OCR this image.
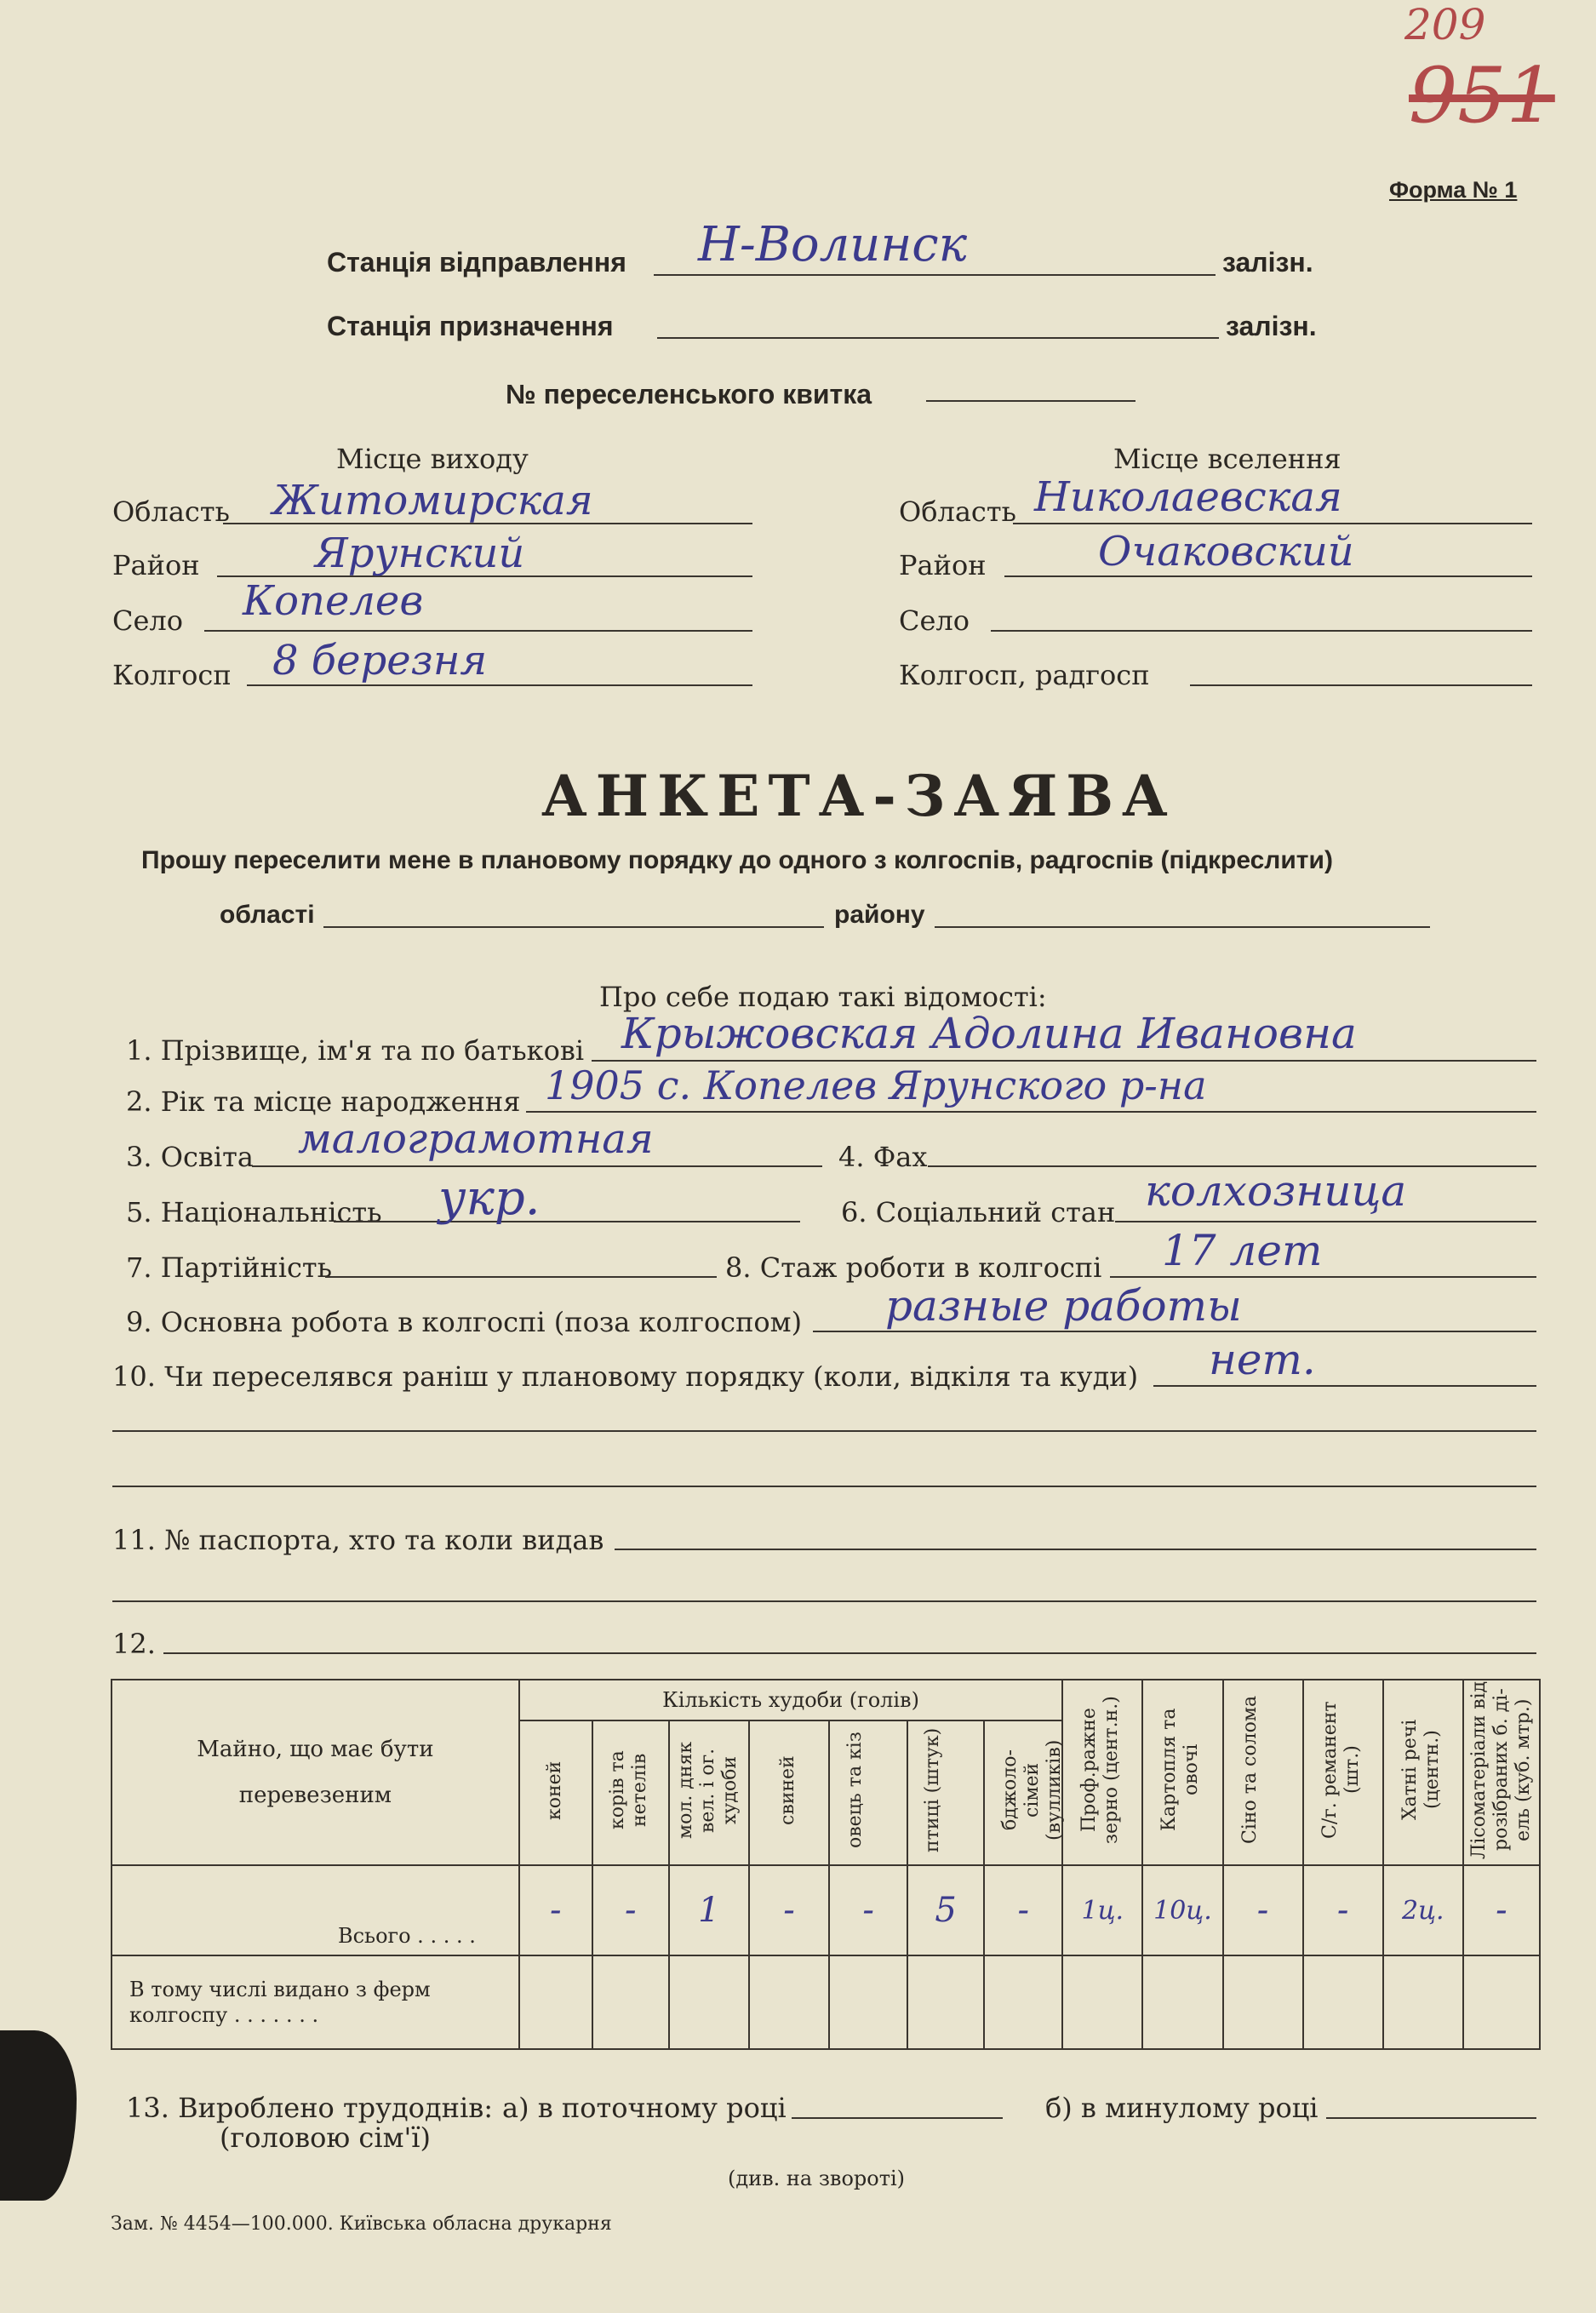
209
951
Форма № 1
Станція відправлення Н-Волинск	залізн.
Станція призначення	залізн.
№ переселенського квитка
Місце виходу
Область Житомирская
Район	Ярунский
Село Копелев
Колгосп 8 березня
Місце вселення
Область Николаевская
Район	Очаковский
Село
Колгосп, радгосп
АНКЕТА-ЗАЯВА
Прошу переселити мене в плановому порядку до одного з колгоспів, радгоспів (підкреслити)
області	району
Про себе подаю такі відомості:
1. Прізвище, ім'я та по батькові Крыжовская Адолина Ивановна
2. Рік та місце народження 1905 с. Копелев Ярунского р-на
3. Освіта малограмотная	4. Фах
5. Національність укр.	6. Соціальний стан колхозница
7. Партійність	8. Стаж роботи в колгоспі 17 лет
9. Основна робота в колгоспі (поза колгоспом) разные работы
10. Чи переселявся раніш у плановому порядку (коли, відкіля та куди) нет.
11. № паспорта, хто та коли видав
12.
Майно, що має бути перевезеним	Кількість худоби (голів)							Проф.ражне зерно (цент.н.)	Картопля та овочі	Сіно та солома	С/г. реманент (шт.)	Хатні речі (центн.)	Лісоматеріали від розібраних б. ді-ель (куб. мтр.)
	коней	корів та нетелів	мол. дняк вел. і ог. худоби	свиней	овець та кіз	птиці (штук)	бджоло-сімей (вулликів)						
Всього . . . . .	-	-	1	-	-	5	-	1ц.	10ц.	-	-	2ц.	-
В тому числі видано з ферм колгоспу . . . . . . .													
13. Вироблено трудоднів: а) в поточному році	б) в минулому році
(головою сім'ї)
(див. на звороті)
Зам. № 4454—100.000. Київська обласна друкарня
